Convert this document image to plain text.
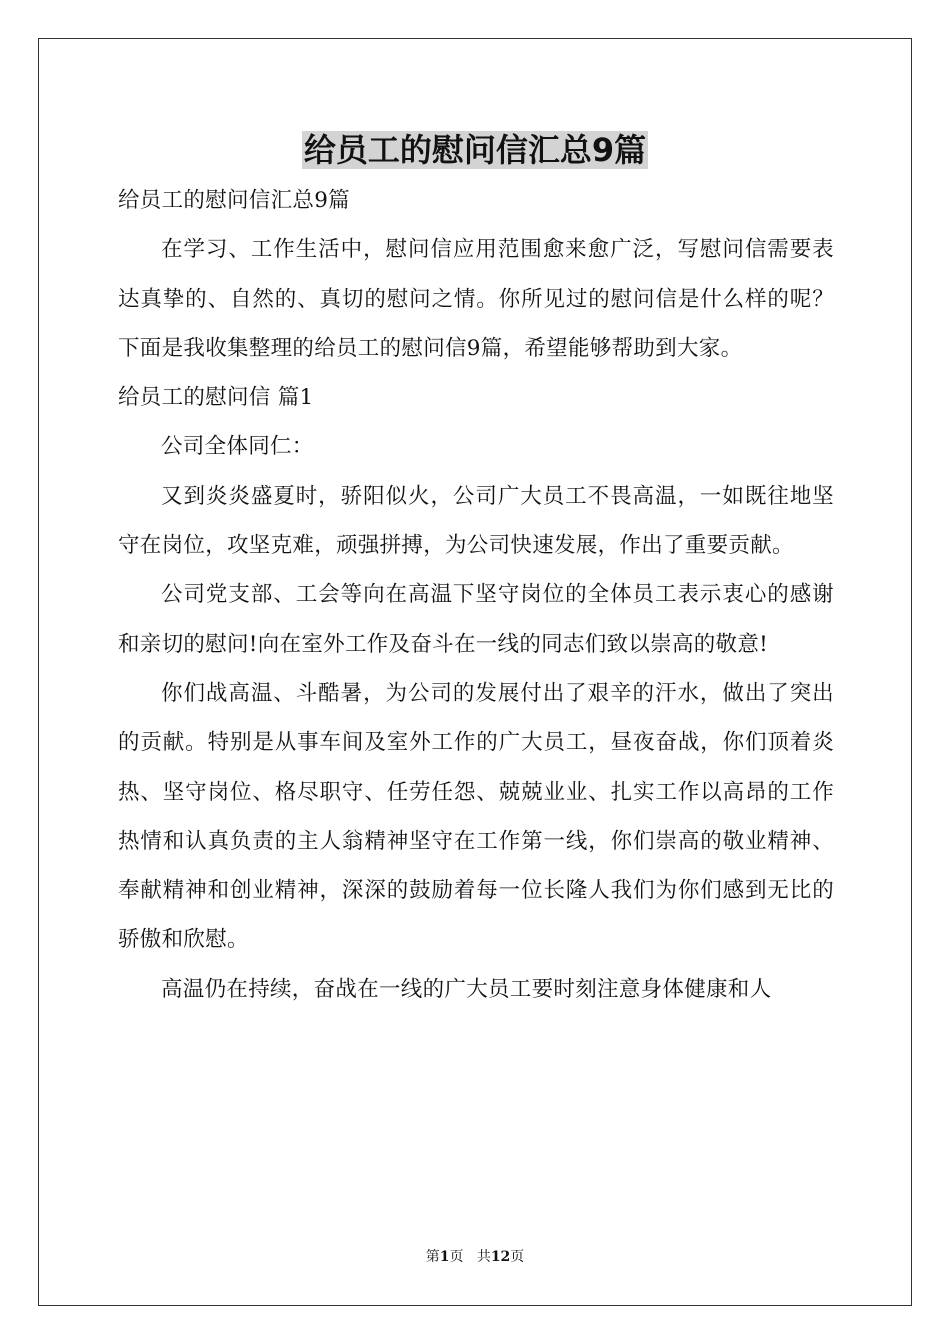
给员工的慰问信汇总9篇

给员工的慰问信汇总9篇

在学习、工作生活中，慰问信应用范围愈来愈广泛，写慰问信需要表达真挚的、自然的、真切的慰问之情。你所见过的慰问信是什么样的呢？下面是我收集整理的给员工的慰问信9篇，希望能够帮助到大家。

给员工的慰问信 篇1

公司全体同仁：

又到炎炎盛夏时，骄阳似火，公司广大员工不畏高温，一如既往地坚守在岗位，攻坚克难，顽强拼搏，为公司快速发展，作出了重要贡献。

公司党支部、工会等向在高温下坚守岗位的全体员工表示衷心的感谢和亲切的慰问!向在室外工作及奋斗在一线的同志们致以崇高的敬意!

你们战高温、斗酷暑，为公司的发展付出了艰辛的汗水，做出了突出的贡献。特别是从事车间及室外工作的广大员工，昼夜奋战，你们顶着炎热、坚守岗位、格尽职守、任劳任怨、兢兢业业、扎实工作以高昂的工作热情和认真负责的主人翁精神坚守在工作第一线，你们崇高的敬业精神、奉献精神和创业精神，深深的鼓励着每一位长隆人我们为你们感到无比的骄傲和欣慰。

高温仍在持续，奋战在一线的广大员工要时刻注意身体健康和人

第1页 共12页
